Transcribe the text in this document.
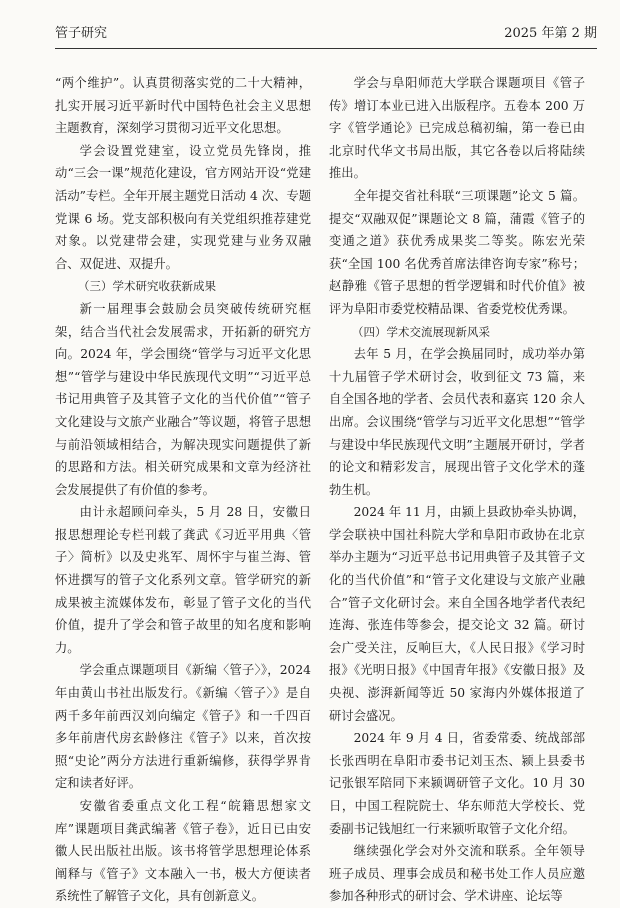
管子研究	2025 年第 2 期

“两个维护”。认真贯彻落实党的二十大精神，扎实开展习近平新时代中国特色社会主义思想主题教育，深刻学习贯彻习近平文化思想。

学会设置党建室，设立党员先锋岗，推动“三会一课”规范化建设，官方网站开设“党建活动”专栏。全年开展主题党日活动 4 次、专题党课 6 场。党支部积极向有关党组织推荐建党对象。以党建带会建，实现党建与业务双融合、双促进、双提升。

（三）学术研究收获新成果

新一届理事会鼓励会员突破传统研究框架，结合当代社会发展需求，开拓新的研究方向。2024 年，学会围绕“管学与习近平文化思想”“管学与建设中华民族现代文明”“习近平总书记用典管子及其管子文化的当代价值”“管子文化建设与文旅产业融合”等议题，将管子思想与前沿领域相结合，为解决现实问题提供了新的思路和方法。相关研究成果和文章为经济社会发展提供了有价值的参考。

由计永超顾问牵头，5 月 28 日，安徽日报思想理论专栏刊载了龚武《习近平用典〈管子〉简析》以及史兆军、周怀宇与崔兰海、管怀进撰写的管子文化系列文章。管学研究的新成果被主流媒体发布，彰显了管子文化的当代价值，提升了学会和管子故里的知名度和影响力。

学会重点课题项目《新编〈管子〉》，2024 年由黄山书社出版发行。《新编〈管子〉》是自两千多年前西汉刘向编定《管子》和一千四百多年前唐代房玄龄修注《管子》以来，首次按照“史论”两分方法进行重新编修，获得学界肯定和读者好评。

安徽省委重点文化工程“皖籍思想家文库”课题项目龚武编著《管子卷》，近日已由安徽人民出版社出版。该书将管学思想理论体系阐释与《管子》文本融入一书，极大方便读者系统性了解管子文化，具有创新意义。

学会与阜阳师范大学联合课题项目《管子传》增订本业已进入出版程序。五卷本 200 万字《管学通论》已完成总稿初编，第一卷已由北京时代华文书局出版，其它各卷以后将陆续推出。

全年提交省社科联“三项课题”论文 5 篇。提交“双融双促”课题论文 8 篇，蒲霞《管子的变通之道》获优秀成果奖二等奖。陈宏光荣获“全国 100 名优秀首席法律咨询专家”称号；赵静雅《管子思想的哲学逻辑和时代价值》被评为阜阳市委党校精品课、省委党校优秀课。

（四）学术交流展现新风采

去年 5 月，在学会换届同时，成功举办第十九届管子学术研讨会，收到征文 73 篇，来自全国各地的学者、会员代表和嘉宾 120 余人出席。会议围绕“管学与习近平文化思想”“管学与建设中华民族现代文明”主题展开研讨，学者的论文和精彩发言，展现出管子文化学术的蓬勃生机。

2024 年 11 月，由颍上县政协牵头协调，学会联袂中国社科院大学和阜阳市政协在北京举办主题为“习近平总书记用典管子及其管子文化的当代价值”和“管子文化建设与文旅产业融合”管子文化研讨会。来自全国各地学者代表纪连海、张连伟等参会，提交论文 32 篇。研讨会广受关注，反响巨大，《人民日报》《学习时报》《光明日报》《中国青年报》《安徽日报》及央视、澎湃新闻等近 50 家海内外媒体报道了研讨会盛况。

2024 年 9 月 4 日，省委常委、统战部部长张西明在阜阳市委书记刘玉杰、颍上县委书记张银军陪同下来颍调研管子文化。10 月 30 日，中国工程院院士、华东师范大学校长、党委副书记钱旭红一行来颍听取管子文化介绍。

继续强化学会对外交流和联系。全年领导班子成员、理事会成员和秘书处工作人员应邀参加各种形式的研讨会、学术讲座、论坛等
